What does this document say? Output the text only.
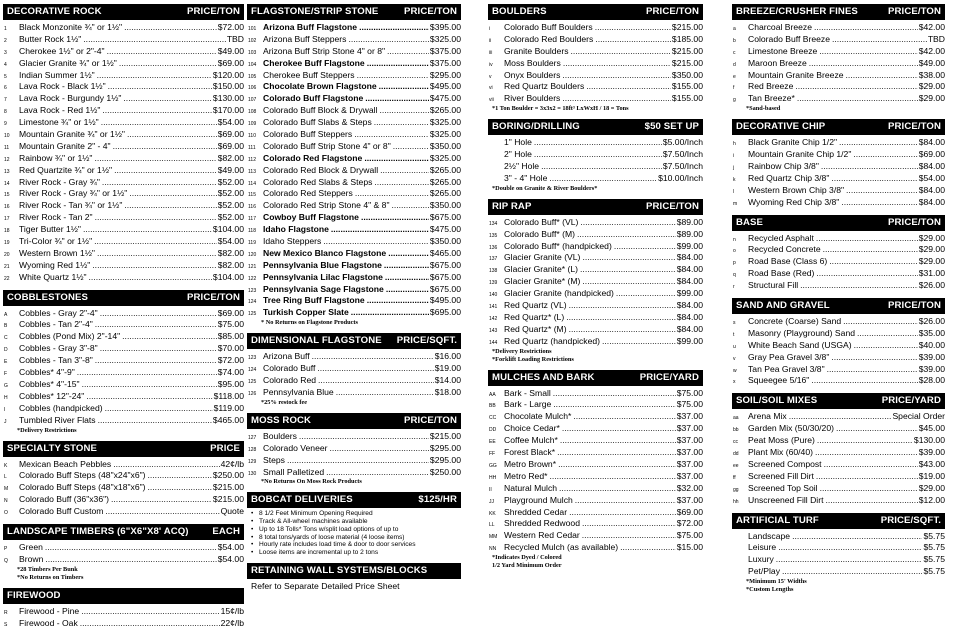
DECORATIVE ROCK	PRICE/TON
1	Black Monzonite ¾" or 1½" .....	$72.00
2	Butter Rock 1½" .....	TBD
3	Cherokee 1½" or 2"-4" .....	$49.00
4	Glacier Granite ¾" or 1½" .....	$69.00
5	Indian Summer 1½" .....	$120.00
6	Lava Rock - Black 1½" .....	$150.00
7	Lava Rock - Burgundy 1½" .....	$130.00
8	Lava Rock - Red 1½" .....	$170.00
9	Limestone ¾" or 1½" .....	$54.00
10	Mountain Granite ¾" or 1½" .....	$69.00
11	Mountain Granite 2" - 4" .....	$69.00
12	Rainbow ¾" or 1½" .....	$82.00
13	Red Quartzite ¾" or 1½" .....	$49.00
14	River Rock - Gray ¾" .....	$52.00
15	River Rock - Gray ¾" or 1½" .....	$52.00
16	River Rock - Tan ¾" or 1½" .....	$52.00
17	River Rock - Tan 2" .....	$52.00
18	Tiger Butter 1½" .....	$104.00
19	Tri-Color ¾" or 1½" .....	$54.00
20	Western Brown 1½" .....	$82.00
21	Wyoming Red 1½" .....	$82.00
22	White Quartz 1½" .....	$104.00
COBBLESTONES	PRICE/TON
A	Cobbles - Gray 2"-4" .....	$69.00
B	Cobbles - Tan 2"-4" .....	$75.00
C	Cobbles (Pond Mix) 2"-14" .....	$85.00
D	Cobbles - Gray 3"-8" .....	$70.00
E	Cobbles - Tan 3"-8" .....	$72.00
F	Cobbles* 4"-9" .....	$74.00
G	Cobbles* 4"-15" .....	$95.00
H	Cobbles* 12"-24" .....	$118.00
I	Cobbles (handpicked) .....	$119.00
J	Tumbled River Flats .....	$465.00
*Delivery Restrictions
SPECIALTY STONE	PRICE
K	Mexican Beach Pebbles .....	42¢/lb
L	Colorado Buff Steps (48"x24"x6") .....	$250.00
M	Colorado Buff Steps (48"x18"x6") .....	$215.00
N	Colorado Buff (36"x36") .....	$215.00
O	Colorado Buff Custom .....	Quote
LANDSCAPE TIMBERS (6"X6"X8' ACQ) EACH
P	Green .....	$54.00
Q	Brown .....	$54.00
*28 Timbers Per Bunk
*No Returns on Timbers
FIREWOOD
R	Firewood - Pine .....	15¢/lb
S	Firewood - Oak .....	22¢/lb
FLAGSTONE/STRIP STONE	PRICE/TON
101 Arizona Buff Flagstone .....	$395.00
102 Arizona Buff Steppers .....	$325.00
103 Arizona Buff Strip Stone 4" or 8" .....	$375.00
104 Cherokee Buff Flagstone .....	$375.00
105 Cherokee Buff Steppers .....	$295.00
106 Chocolate Brown Flagstone .....	$495.00
107 Colorado Buff Flagstone .....	$475.00
108 Colorado Buff Block & Drywall .....	$265.00
109 Colorado Buff Slabs & Steps .....	$325.00
110 Colorado Buff Steppers .....	$325.00
111 Colorado Buff Strip Stone 4" or 8" .....	$350.00
112 Colorado Red Flagstone .....	$325.00
113 Colorado Red Block & Drywall .....	$265.00
114 Colorado Red Slabs & Steps .....	$265.00
115 Colorado Red Steppers .....	$265.00
116 Colorado Red Strip Stone 4" & 8" .....	$350.00
117 Cowboy Buff Flagstone .....	$675.00
118 Idaho Flagstone .....	$475.00
119 Idaho Steppers .....	$350.00
120 New Mexico Blanco Flagstone .....	$465.00
121 Pennsylvania Blue Flagstone .....	$675.00
122 Pennsylvania Lilac Flagstone .....	$675.00
123 Pennsylvania Sage Flagstone .....	$675.00
124 Tree Ring Buff Flagstone .....	$495.00
125 Turkish Copper Slate .....	$695.00
* No Returns on Flagstone Products
DIMENSIONAL FLAGSTONE PRICE/SQFT.
123 Arizona Buff .....	$16.00
124 Colorado Buff .....	$19.00
125 Colorado Red .....	$14.00
126 Pennsylvania Blue .....	$18.00
*25% restock fee
MOSS ROCK	PRICE/TON
127 Boulders .....	$215.00
128 Colorado Veneer .....	$295.00
129 Steps .....	$295.00
130 Small Palletized .....	$250.00
*No Returns On Moss Rock Products
BOBCAT DELIVERIES	$125/HR
• 8 1/2 Feet Minimum Opening Required
• Track & All-wheel machines available
• Up to 18 Tolls* Tons w/split load options of up to
• 8 total tons/yards of loose material (4 loose items)
• Hourly rate includes load time & door to door services
• Loose items are incremental up to 2 tons
RETAINING WALL SYSTEMS/BLOCKS
Refer to Separate Detailed Price Sheet
BOULDERS	PRICE/TON
i	Colorado Buff Boulders .....	$215.00
ii	Colorado Red Boulders .....	$185.00
iii	Granite Boulders .....	$215.00
iv	Moss Boulders .....	$215.00
v	Onyx Boulders .....	$350.00
vi	Red Quartz Boulders .....	$155.00
vii	River Boulders .....	$155.00
*1 Ton Boulder = 3x3x2 = 18ft³ LxWxH / 18 = Tons
BORING/DRILLING	$50 SET UP
1" Hole .....	$5.00/Inch
2" Hole .....	$7.50/Inch
2½" Hole .....	$7.50/Inch
3" - 4" Hole .....	$10.00/Inch
*Double on Granite & River Boulders*
RIP RAP	PRICE/TON
134 Colorado Buff* (VL) .....	$89.00
135 Colorado Buff* (M) .....	$89.00
136 Colorado Buff* (handpicked) .....	$99.00
137 Glacier Granite (VL) .....	$84.00
138 Glacier Granite* (L) .....	$84.00
139 Glacier Granite* (M) .....	$84.00
140 Glacier Granite (handpicked) .....	$99.00
141 Red Quartz (VL) .....	$84.00
142 Red Quartz* (L) .....	$84.00
143 Red Quartz* (M) .....	$84.00
144 Red Quartz (handpicked) .....	$99.00
*Delivery Restrictions
*Forklift Loading Restrictions
MULCHES AND BARK	PRICE/YARD
AA Bark - Small .....	$75.00
BB Bark - Large .....	$75.00
CC Chocolate Mulch* .....	$37.00
DD Choice Cedar* .....	$37.00
EE Coffee Mulch* .....	$37.00
FF	Forest Black* .....	$37.00
GG Metro Brown* .....	$37.00
HH Metro Red* .....	$37.00
II	Natural Mulch .....	$32.00
JJ	Playground Mulch .....	$37.00
KK Shredded Cedar .....	$69.00
LL	Shredded Redwood .....	$72.00
MM Western Red Cedar .....	$75.00
NN Recycled Mulch (as available) .....	$15.00
*Indicates Dyed / Colored
1/2 Yard Minimum Order
BREEZE/CRUSHER FINES	PRICE/TON
a	Charcoal Breeze .....	$42.00
b	Colorado Buff Breeze .....	TBD
c	Limestone Breeze .....	$42.00
d	Maroon Breeze .....	$49.00
e	Mountain Granite Breeze .....	$38.00
f	Red Breeze .....	$29.00
g	Tan Breeze* .....	$29.00
*Sand-based
DECORATIVE CHIP	PRICE/TON
h	Black Granite Chip 1/2" .....	$84.00
i	Mountain Granite Chip 1/2" .....	$69.00
j	Rainbow Chip 3/8" .....	$84.00
k	Red Quartz Chip 3/8" .....	$54.00
l	Western Brown Chip 3/8" .....	$84.00
m	Wyoming Red Chip 3/8" .....	$84.00
BASE	PRICE/TON
n	Recycled Asphalt .....	$29.00
o	Recycled Concrete .....	$29.00
p	Road Base (Class 6) .....	$29.00
q	Road Base (Red) .....	$31.00
r	Structural Fill .....	$26.00
SAND AND GRAVEL	PRICE/TON
s	Concrete (Coarse) Sand .....	$26.00
t	Masonry (Playground) Sand .....	$35.00
u	White Beach Sand (USGA) .....	$40.00
v	Gray Pea Gravel 3/8" .....	$39.00
w	Tan Pea Gravel 3/8" .....	$39.00
x	Squeegee 5/16" .....	$28.00
SOIL/SOIL MIXES	PRICE/YARD
aa	Arena Mix .....	Special Order
bb	Garden Mix (50/30/20) .....	$45.00
cc	Peat Moss (Pure) .....	$130.00
dd	Plant Mix (60/40) .....	$39.00
ee	Screened Compost .....	$43.00
ff	Screened Fill Dirt .....	$19.00
gg	Screened Top Soil .....	$29.00
hh	Unscreened Fill Dirt .....	$12.00
ARTIFICIAL TURF	PRICE/SQFT.
Landscape .....	$5.75
Leisure .....	$5.75
Luxury .....	$5.75
Pet/Play .....	$5.75
*Minimum 15' Widths
*Custom Lengths
